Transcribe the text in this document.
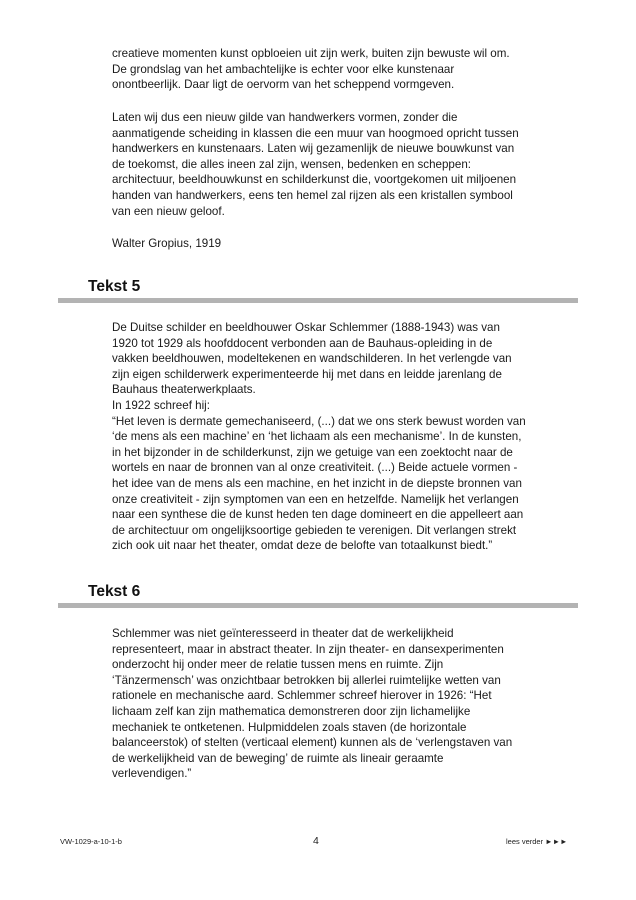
creatieve momenten kunst opbloeien uit zijn werk, buiten zijn bewuste wil om.
De grondslag van het ambachtelijke is echter voor elke kunstenaar
onontbeerlijk. Daar ligt de oervorm van het scheppend vormgeven.
Laten wij dus een nieuw gilde van handwerkers vormen, zonder die
aanmatigende scheiding in klassen die een muur van hoogmoed opricht tussen
handwerkers en kunstenaars. Laten wij gezamenlijk de nieuwe bouwkunst van
de toekomst, die alles ineen zal zijn, wensen, bedenken en scheppen:
architectuur, beeldhouwkunst en schilderkunst die, voortgekomen uit miljoenen
handen van handwerkers, eens ten hemel zal rijzen als een kristallen symbool
van een nieuw geloof.
Walter Gropius, 1919
Tekst 5
De Duitse schilder en beeldhouwer Oskar Schlemmer (1888-1943) was van
1920 tot 1929 als hoofddocent verbonden aan de Bauhaus-opleiding in de
vakken beeldhouwen, modeltekenen en wandschilderen. In het verlengde van
zijn eigen schilderwerk experimenteerde hij met dans en leidde jarenlang de
Bauhaus theaterwerkplaats.
In 1922 schreef hij:
“Het leven is dermate gemechaniseerd, (...) dat we ons sterk bewust worden van
‘de mens als een machine’ en ‘het lichaam als een mechanisme’. In de kunsten,
in het bijzonder in de schilderkunst, zijn we getuige van een zoektocht naar de
wortels en naar de bronnen van al onze creativiteit. (...) Beide actuele vormen -
het idee van de mens als een machine, en het inzicht in de diepste bronnen van
onze creativiteit - zijn symptomen van een en hetzelfde. Namelijk het verlangen
naar een synthese die de kunst heden ten dage domineert en die appelleert aan
de architectuur om ongelijksoortige gebieden te verenigen. Dit verlangen strekt
zich ook uit naar het theater, omdat deze de belofte van totaalkunst biedt.”
Tekst 6
Schlemmer was niet geïnteresseerd in theater dat de werkelijkheid
representeert, maar in abstract theater. In zijn theater- en dansexperimenten
onderzocht hij onder meer de relatie tussen mens en ruimte. Zijn
‘Tänzermensch’ was onzichtbaar betrokken bij allerlei ruimtelijke wetten van
rationele en mechanische aard. Schlemmer schreef hierover in 1926: “Het
lichaam zelf kan zijn mathematica demonstreren door zijn lichamelijke
mechaniek te ontketenen. Hulpmiddelen zoals staven (de horizontale
balanceerstok) of stelten (verticaal element) kunnen als de ‘verlengstaven van
de werkelijkheid van de beweging’ de ruimte als lineair geraamte
verlevendigen.”
VW-1029-a-10-1-b	4	lees verder ►►►
